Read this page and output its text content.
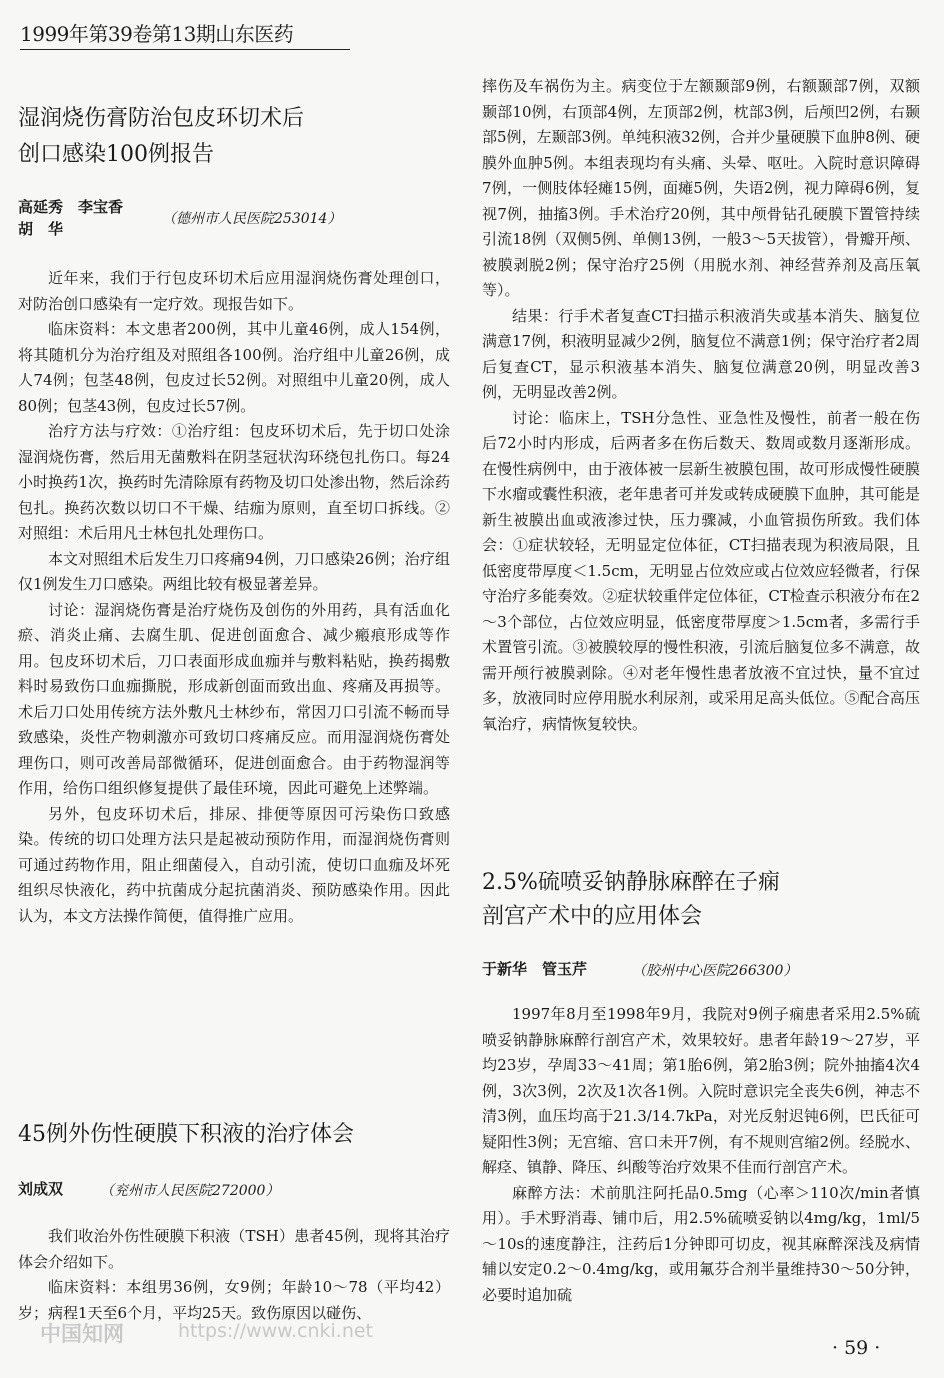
1999年第39卷第13期山东医药
湿润烧伤膏防治包皮环切术后
创口感染100例报告
高延秀　李宝香
胡　华
（德州市人民医院253014）

近年来，我们于行包皮环切术后应用湿润烧伤膏处理创口，对防治创口感染有一定疗效。现报告如下。

临床资料：本文患者200例，其中儿童46例，成人154例，将其随机分为治疗组及对照组各100例。治疗组中儿童26例，成人74例；包茎48例，包皮过长52例。对照组中儿童20例，成人80例；包茎43例，包皮过长57例。

治疗方法与疗效：①治疗组：包皮环切术后，先于切口处涂湿润烧伤膏，然后用无菌敷料在阴茎冠状沟环绕包扎伤口。每24小时换药1次，换药时先清除原有药物及切口处渗出物，然后涂药包扎。换药次数以切口不干燥、结痂为原则，直至切口拆线。②对照组：术后用凡士林包扎处理伤口。

本文对照组术后发生刀口疼痛94例，刀口感染26例；治疗组仅1例发生刀口感染。两组比较有极显著差异。

讨论：湿润烧伤膏是治疗烧伤及创伤的外用药，具有活血化瘀、消炎止痛、去腐生肌、促进创面愈合、减少瘢痕形成等作用。包皮环切术后，刀口表面形成血痂并与敷料粘贴，换药揭敷料时易致伤口血痂撕脱，形成新创面而致出血、疼痛及再损等。术后刀口处用传统方法外敷凡士林纱布，常因刀口引流不畅而导致感染，炎性产物刺激亦可致切口疼痛反应。而用湿润烧伤膏处理伤口，则可改善局部微循环，促进创面愈合。由于药物湿润等作用，给伤口组织修复提供了最佳环境，因此可避免上述弊端。

另外，包皮环切术后，排尿、排便等原因可污染伤口致感染。传统的切口处理方法只是起被动预防作用，而湿润烧伤膏则可通过药物作用，阻止细菌侵入，自动引流，使切口血痂及坏死组织尽快液化，药中抗菌成分起抗菌消炎、预防感染作用。因此认为，本文方法操作简便，值得推广应用。

45例外伤性硬膜下积液的治疗体会
刘成双	（兖州市人民医院272000）

我们收治外伤性硬膜下积液（TSH）患者45例，现将其治疗体会介绍如下。

临床资料：本组男36例，女9例；年龄10～78（平均42）岁；病程1天至6个月，平均25天。致伤原因以碰伤、

摔伤及车祸伤为主。病变位于左额颞部9例，右额颞部7例，双额颞部10例，右顶部4例，左顶部2例，枕部3例，后颅凹2例，右颞部5例，左颞部3例。单纯积液32例，合并少量硬膜下血肿8例、硬膜外血肿5例。本组表现均有头痛、头晕、呕吐。入院时意识障碍7例，一侧肢体轻瘫15例，面瘫5例，失语2例，视力障碍6例，复视7例，抽搐3例。手术治疗20例，其中颅骨钻孔硬膜下置管持续引流18例（双侧5例、单侧13例，一般3～5天拔管），骨瓣开颅、被膜剥脱2例；保守治疗25例（用脱水剂、神经营养剂及高压氧等）。

结果：行手术者复查CT扫描示积液消失或基本消失、脑复位满意17例，积液明显减少2例，脑复位不满意1例；保守治疗者2周后复查CT，显示积液基本消失、脑复位满意20例，明显改善3例，无明显改善2例。

讨论：临床上，TSH分急性、亚急性及慢性，前者一般在伤后72小时内形成，后两者多在伤后数天、数周或数月逐渐形成。在慢性病例中，由于液体被一层新生被膜包围，故可形成慢性硬膜下水瘤或囊性积液，老年患者可并发或转成硬膜下血肿，其可能是新生被膜出血或液渗过快，压力骤减，小血管损伤所致。我们体会：①症状较轻，无明显定位体征，CT扫描表现为积液局限，且低密度带厚度＜1.5cm，无明显占位效应或占位效应轻微者，行保守治疗多能奏效。②症状较重伴定位体征，CT检查示积液分布在2～3个部位，占位效应明显，低密度带厚度＞1.5cm者，多需行手术置管引流。③被膜较厚的慢性积液，引流后脑复位多不满意，故需开颅行被膜剥除。④对老年慢性患者放液不宜过快，量不宜过多，放液同时应停用脱水利尿剂，或采用足高头低位。⑤配合高压氧治疗，病情恢复较快。

2.5%硫喷妥钠静脉麻醉在子痫
剖宫产术中的应用体会
于新华　管玉芹	（胶州中心医院266300）

1997年8月至1998年9月，我院对9例子痫患者采用2.5%硫喷妥钠静脉麻醉行剖宫产术，效果较好。患者年龄19～27岁，平均23岁，孕周33～41周；第1胎6例，第2胎3例；院外抽搐4次4例，3次3例，2次及1次各1例。入院时意识完全丧失6例，神志不清3例，血压均高于21.3/14.7kPa，对光反射迟钝6例，巴氏征可疑阳性3例；无宫缩、宫口未开7例，有不规则宫缩2例。经脱水、解痉、镇静、降压、纠酸等治疗效果不佳而行剖宫产术。

麻醉方法：术前肌注阿托品0.5mg（心率＞110次/min者慎用）。手术野消毒、铺巾后，用2.5%硫喷妥钠以4mg/kg，1ml/5～10s的速度静注，注药后1分钟即可切皮，视其麻醉深浅及病情辅以安定0.2～0.4mg/kg，或用氟芬合剂半量维持30～50分钟，必要时追加硫

中国知网	https://www.cnki.net
· 59 ·
